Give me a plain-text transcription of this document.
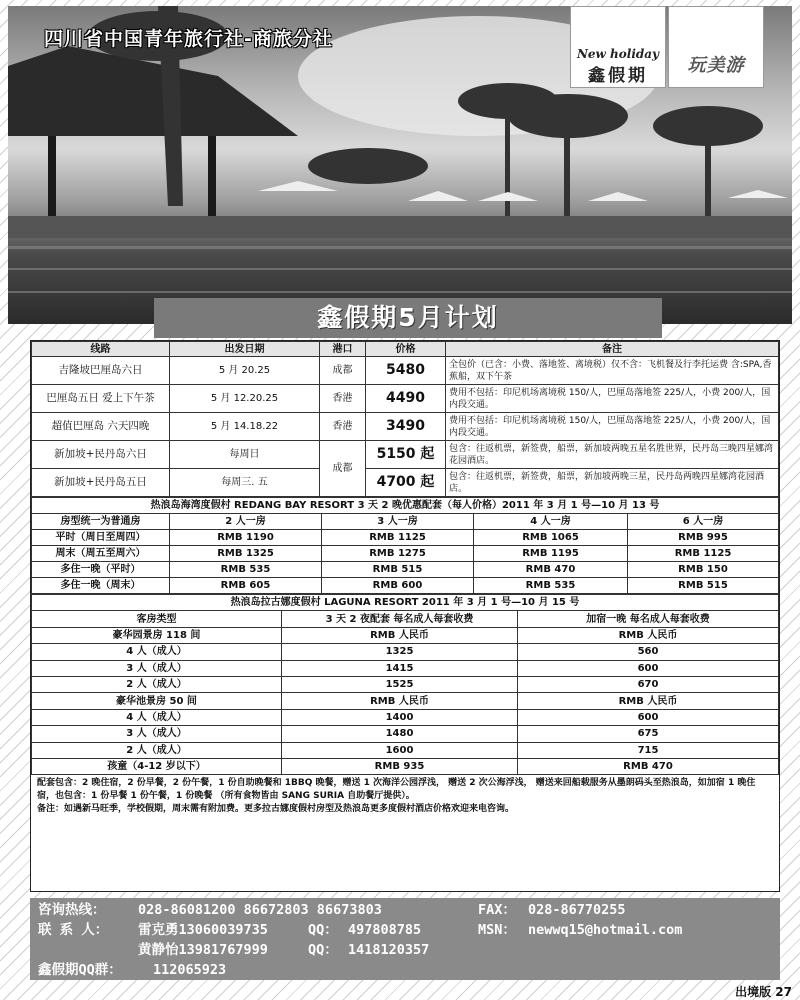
四川省中国青年旅行社-商旅分社
New holiday
鑫假期	玩美游
鑫假期5月计划
线路	出发日期	港口	价格	备注
吉隆坡巴厘岛六日	5 月 20.25	成都	5480	全包价（已含：小费、落地签、离境税）仅不含：飞机餐及行李托运费 含:SPA,香蕉船，双下午茶
巴厘岛五日 爱上下午茶	5 月 12.20.25	香港	4490	费用不包括：印尼机场离境税 150/人，巴厘岛落地签 225/人，小费 200/人，国内段交通。
超值巴厘岛 六天四晚	5 月 14.18.22	香港	3490	费用不包括：印尼机场离境税 150/人，巴厘岛落地签 225/人，小费 200/人，国内段交通。
新加坡+民丹岛六日	每周日	成都	5150 起	包含：往返机票，新签费，船票，新加坡两晚五星名胜世界，民丹岛三晚四星娜湾花园酒店。
新加坡+民丹岛五日	每周三. 五		4700 起	包含：往返机票，新签费，船票，新加坡两晚三星，民丹岛两晚四星娜湾花园酒店。
热浪岛海湾度假村 REDANG BAY RESORT 3 天 2 晚优惠配套（每人价格）2011 年 3 月 1 号—10 月 13 号				
房型统一为普通房	2 人一房	3 人一房	4 人一房	6 人一房
平时（周日至周四）	RMB 1190	RMB 1125	RMB 1065	RMB 995
周末（周五至周六）	RMB 1325	RMB 1275	RMB 1195	RMB 1125
多住一晚（平时）	RMB 535	RMB 515	RMB 470	RMB 150
多住一晚（周末）	RMB 605	RMB 600	RMB 535	RMB 515
热浪岛拉古娜度假村 LAGUNA RESORT 2011 年 3 月 1 号—10 月 15 号		
客房类型	3 天 2 夜配套 每名成人每套收费	加宿一晚 每名成人每套收费
豪华园景房 118 间	RMB 人民币	RMB 人民币
4 人（成人）	1325	560
3 人（成人）	1415	600
2 人（成人）	1525	670
豪华池景房 50 间	RMB 人民币	RMB 人民币
4 人（成人）	1400	600
3 人（成人）	1480	675
2 人（成人）	1600	715
孩童（4-12 岁以下）	RMB 935	RMB 470
配套包含：2 晚住宿，2 份早餐，2 份午餐，1 份自助晚餐和 1BBQ 晚餐，赠送 1 次海洋公园浮浅， 赠送 2 次公海浮浅， 赠送来回船载服务从墨朗码头至热浪岛，如加宿 1 晚住宿，也包含：1 份早餐 1 份午餐，1 份晚餐 （所有食物皆由 SANG SURIA 自助餐厅提供）。
备注：如遇新马旺季，学校假期，周末需有附加费。更多拉古娜度假村房型及热浪岛更多度假村酒店价格欢迎来电咨询。
咨询热线： 028-86081200 86672803 86673803	FAX： 028-86770255
联 系 人： 雷克勇13060039735	QQ： 497808785	MSN： newwq15@hotmail.com
黄静怡13981767999	QQ： 1418120357
鑫假期QQ群： 112065923
出境版 27
